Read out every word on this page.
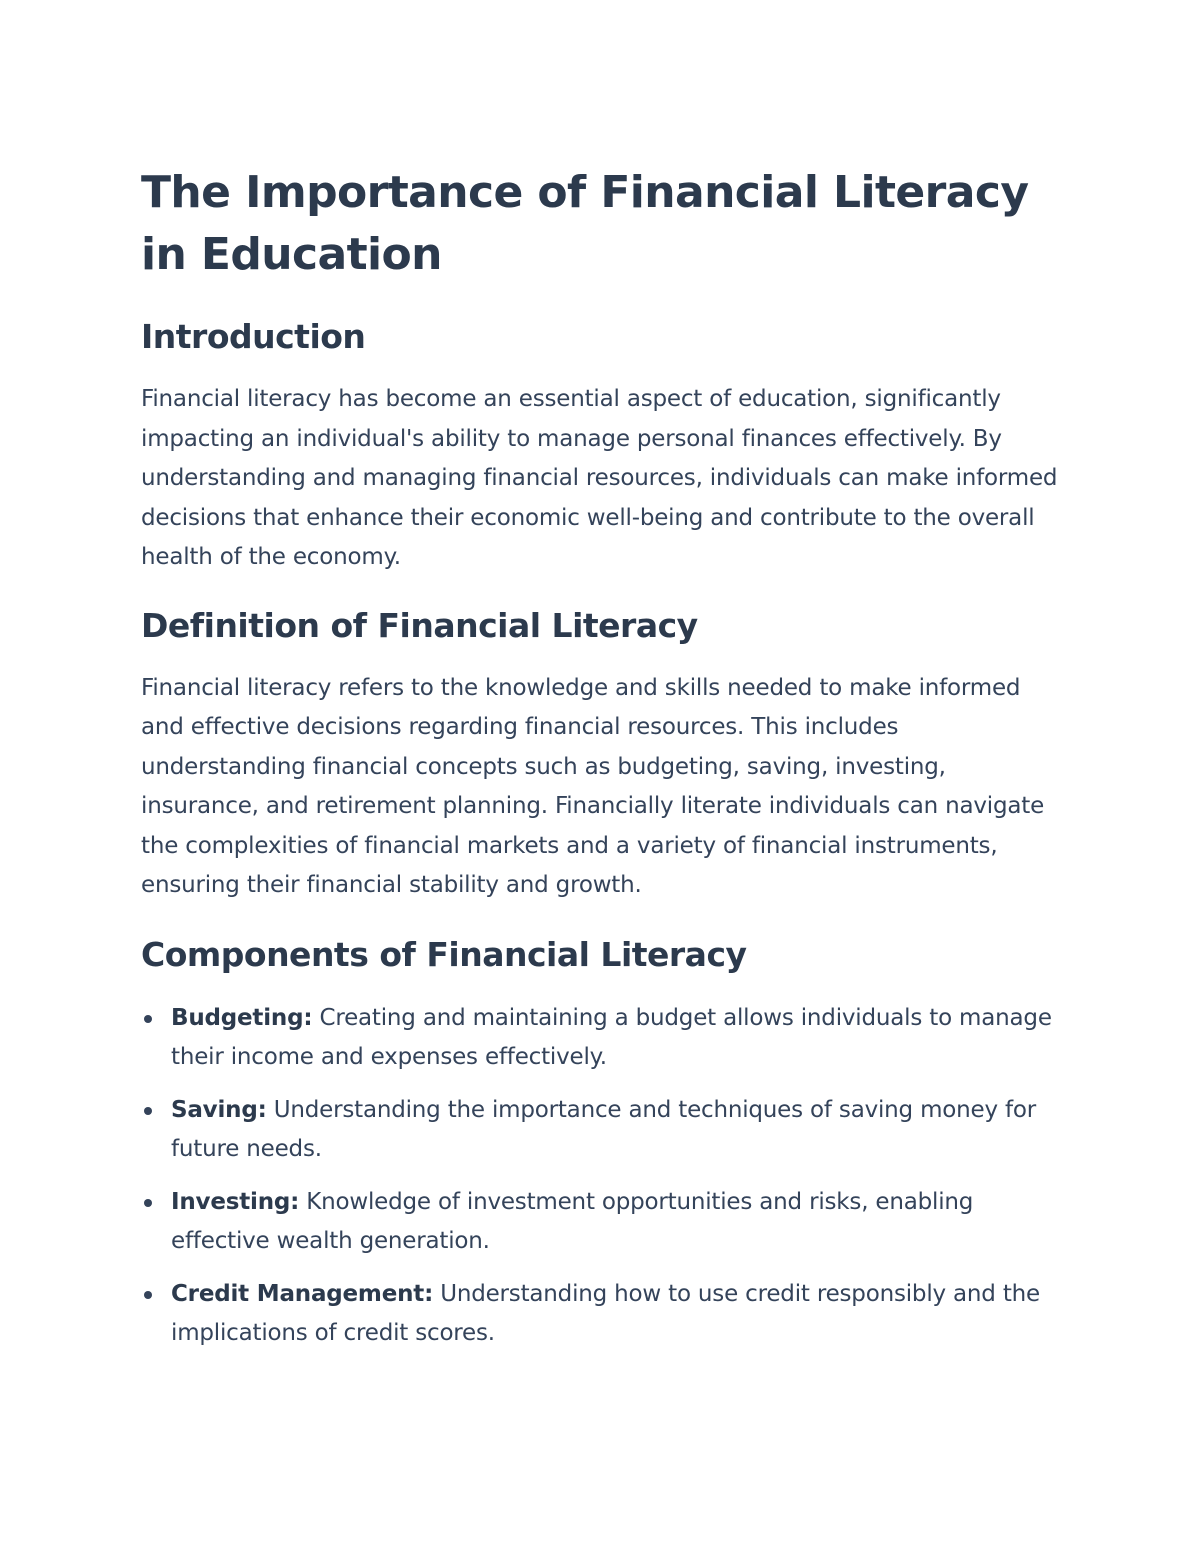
The Importance of Financial Literacy in Education
Introduction

Financial literacy has become an essential aspect of education, significantly impacting an individual's ability to manage personal finances effectively. By understanding and managing financial resources, individuals can make informed decisions that enhance their economic well-being and contribute to the overall health of the economy.

Definition of Financial Literacy

Financial literacy refers to the knowledge and skills needed to make informed and effective decisions regarding financial resources. This includes understanding financial concepts such as budgeting, saving, investing, insurance, and retirement planning. Financially literate individuals can navigate the complexities of financial markets and a variety of financial instruments, ensuring their financial stability and growth.

Components of Financial Literacy
Budgeting: Creating and maintaining a budget allows individuals to manage their income and expenses effectively.
Saving: Understanding the importance and techniques of saving money for future needs.
Investing: Knowledge of investment opportunities and risks, enabling effective wealth generation.
Credit Management: Understanding how to use credit responsibly and the implications of credit scores.
